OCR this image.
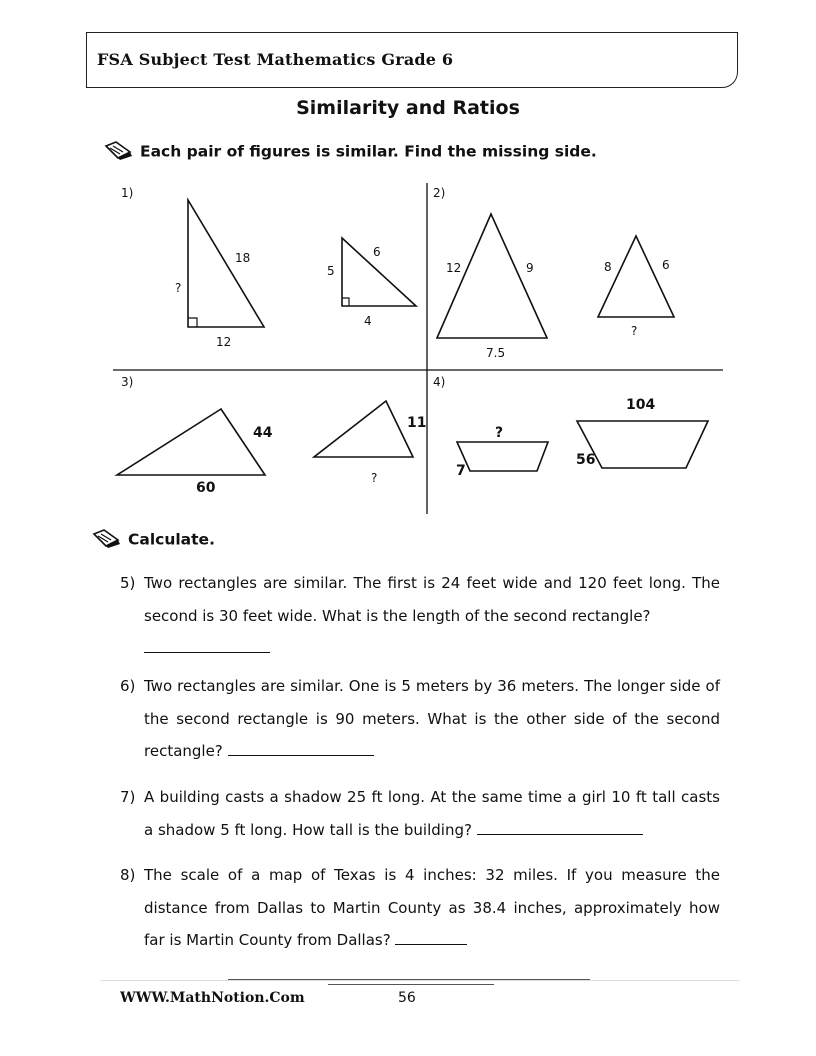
FSA Subject Test Mathematics Grade 6
Similarity and Ratios
Each pair of figures is similar. Find the missing side.
1)	2)
3)	4)
18
?
12
6
5
4
12	9
7.5
8	6
?
44
60
11
?
?
7
104
56
Calculate.
5) Two rectangles are similar. The first is 24 feet wide and 120 feet long. The second is 30 feet wide. What is the length of the second rectangle?

6) Two rectangles are similar. One is 5 meters by 36 meters. The longer side of the second rectangle is 90 meters. What is the other side of the second rectangle?
7) A building casts a shadow 25 ft long. At the same time a girl 10 ft tall casts a shadow 5 ft long. How tall is the building?
8) The scale of a map of Texas is 4 inches: 32 miles. If you measure the distance from Dallas to Martin County as 38.4 inches, approximately how far is Martin County from Dallas?
WWW.MathNotion.Com	56
